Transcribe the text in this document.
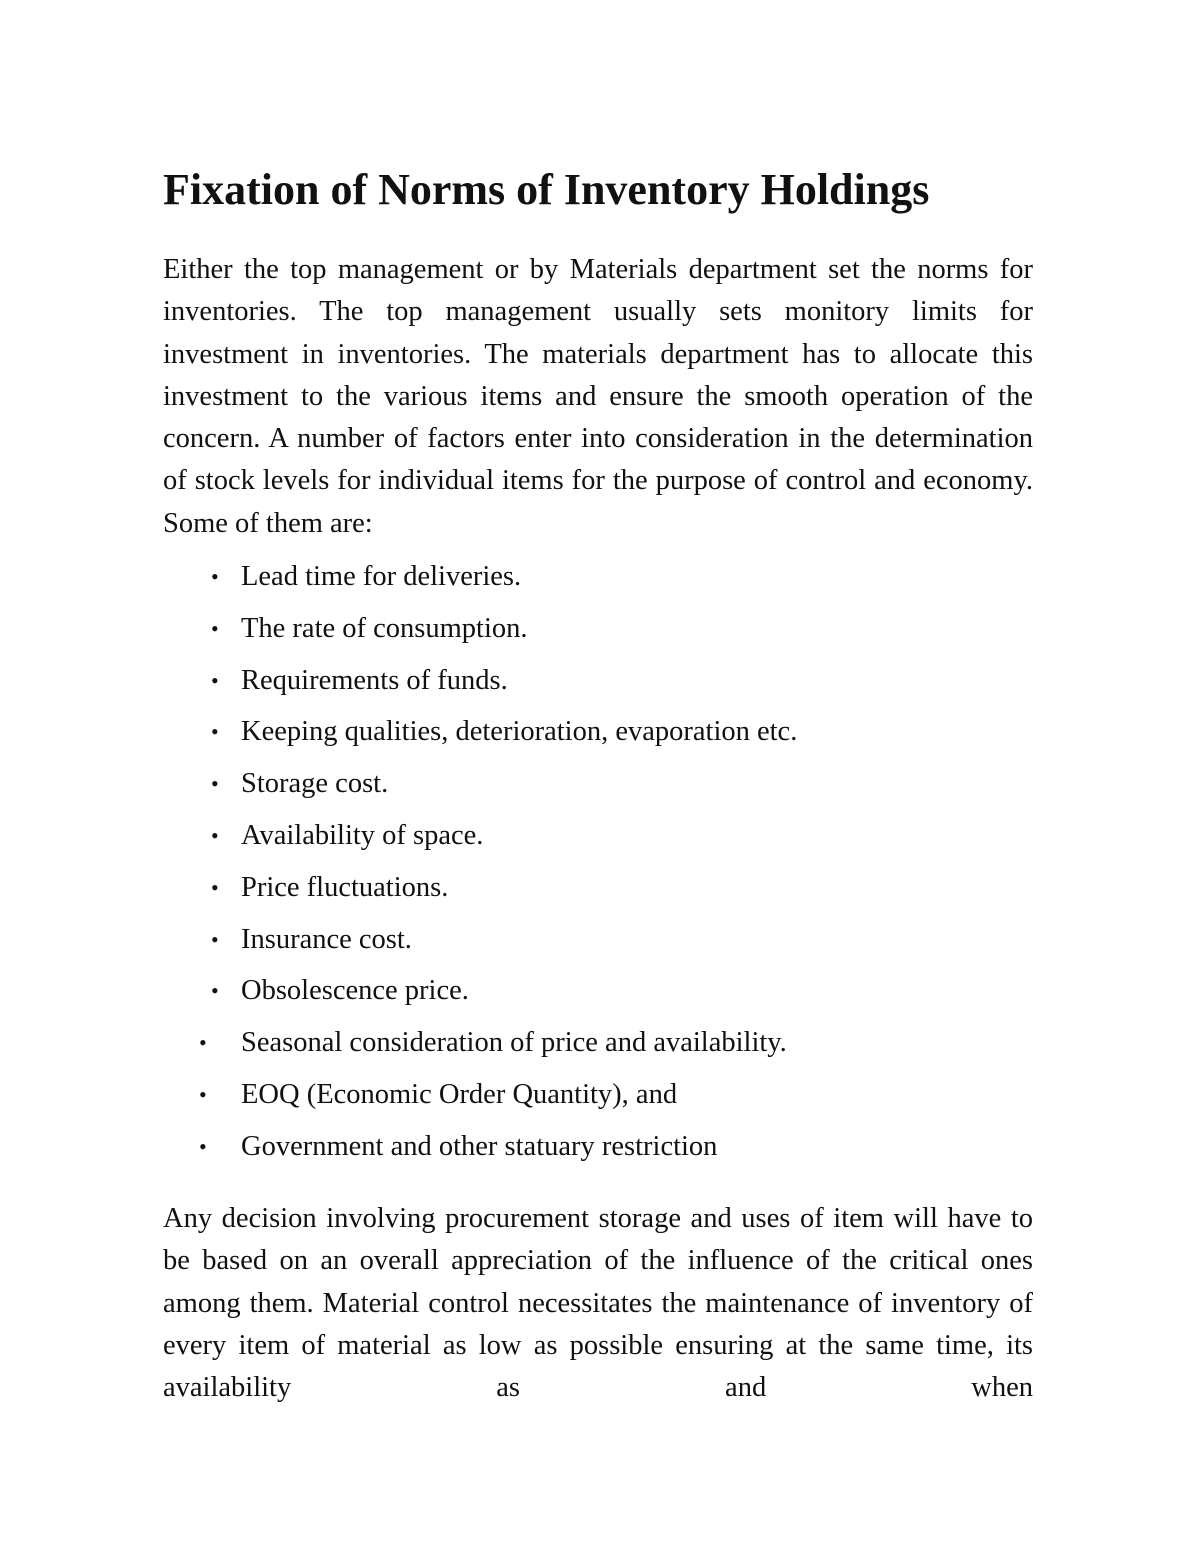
Fixation of Norms of Inventory Holdings

Either the top management or by Materials department set the norms for inventories. The top management usually sets monitory limits for investment in inventories. The materials department has to allocate this investment to the various items and ensure the smooth operation of the concern. A number of factors enter into consideration in the determination of stock levels for individual items for the purpose of control and economy. Some of them are:

• Lead time for deliveries.
• The rate of consumption.
• Requirements of funds.
• Keeping qualities, deterioration, evaporation etc.
• Storage cost.
• Availability of space.
• Price fluctuations.
• Insurance cost.
• Obsolescence price.
• Seasonal consideration of price and availability.
• EOQ (Economic Order Quantity), and
• Government and other statuary restriction

Any decision involving procurement storage and uses of item will have to be based on an overall appreciation of the influence of the critical ones among them. Material control necessitates the maintenance of inventory of every item of material as low as possible ensuring at the same time, its availability as and when
